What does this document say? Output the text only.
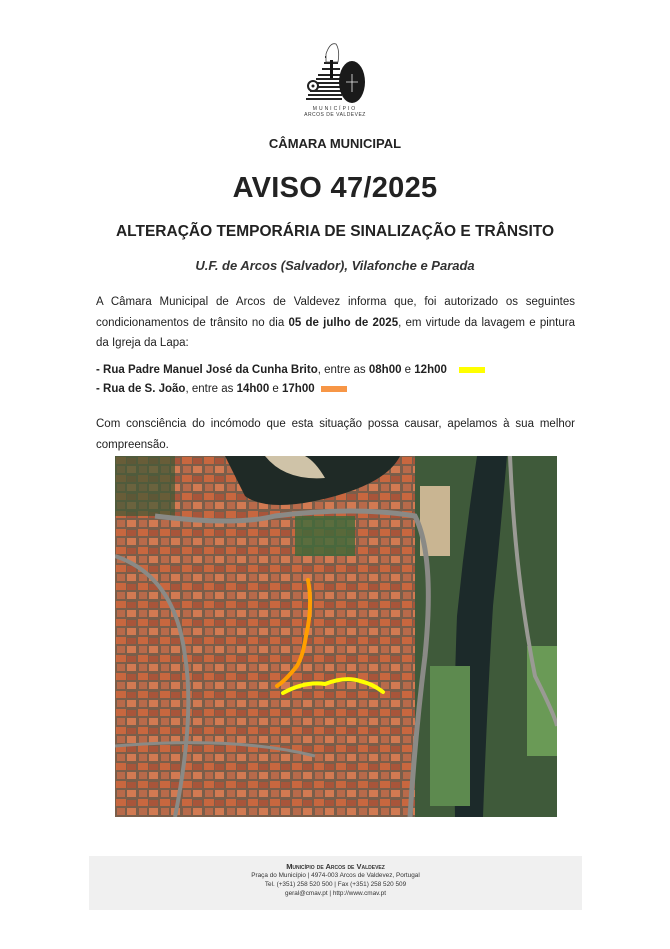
MUNICÍPIO
ARCOS DE VALDEVEZ
CÂMARA MUNICIPAL
AVISO 47/2025
ALTERAÇÃO TEMPORÁRIA DE SINALIZAÇÃO E TRÂNSITO
U.F. de Arcos (Salvador), Vilafonche e Parada
A Câmara Municipal de Arcos de Valdevez informa que, foi autorizado os seguintes condicionamentos de trânsito no dia 05 de julho de 2025, em virtude da lavagem e pintura da Igreja da Lapa:
- Rua Padre Manuel José da Cunha Brito, entre as 08h00 e 12h00
- Rua de S. João, entre as 14h00 e 17h00
Com consciência do incómodo que esta situação possa causar, apelamos à sua melhor compreensão.
Município de Arcos de Valdevez
Praça do Município | 4974-003 Arcos de Valdevez, Portugal
Tel. (+351) 258 520 500 | Fax (+351) 258 520 509
geral@cmav.pt | http://www.cmav.pt
